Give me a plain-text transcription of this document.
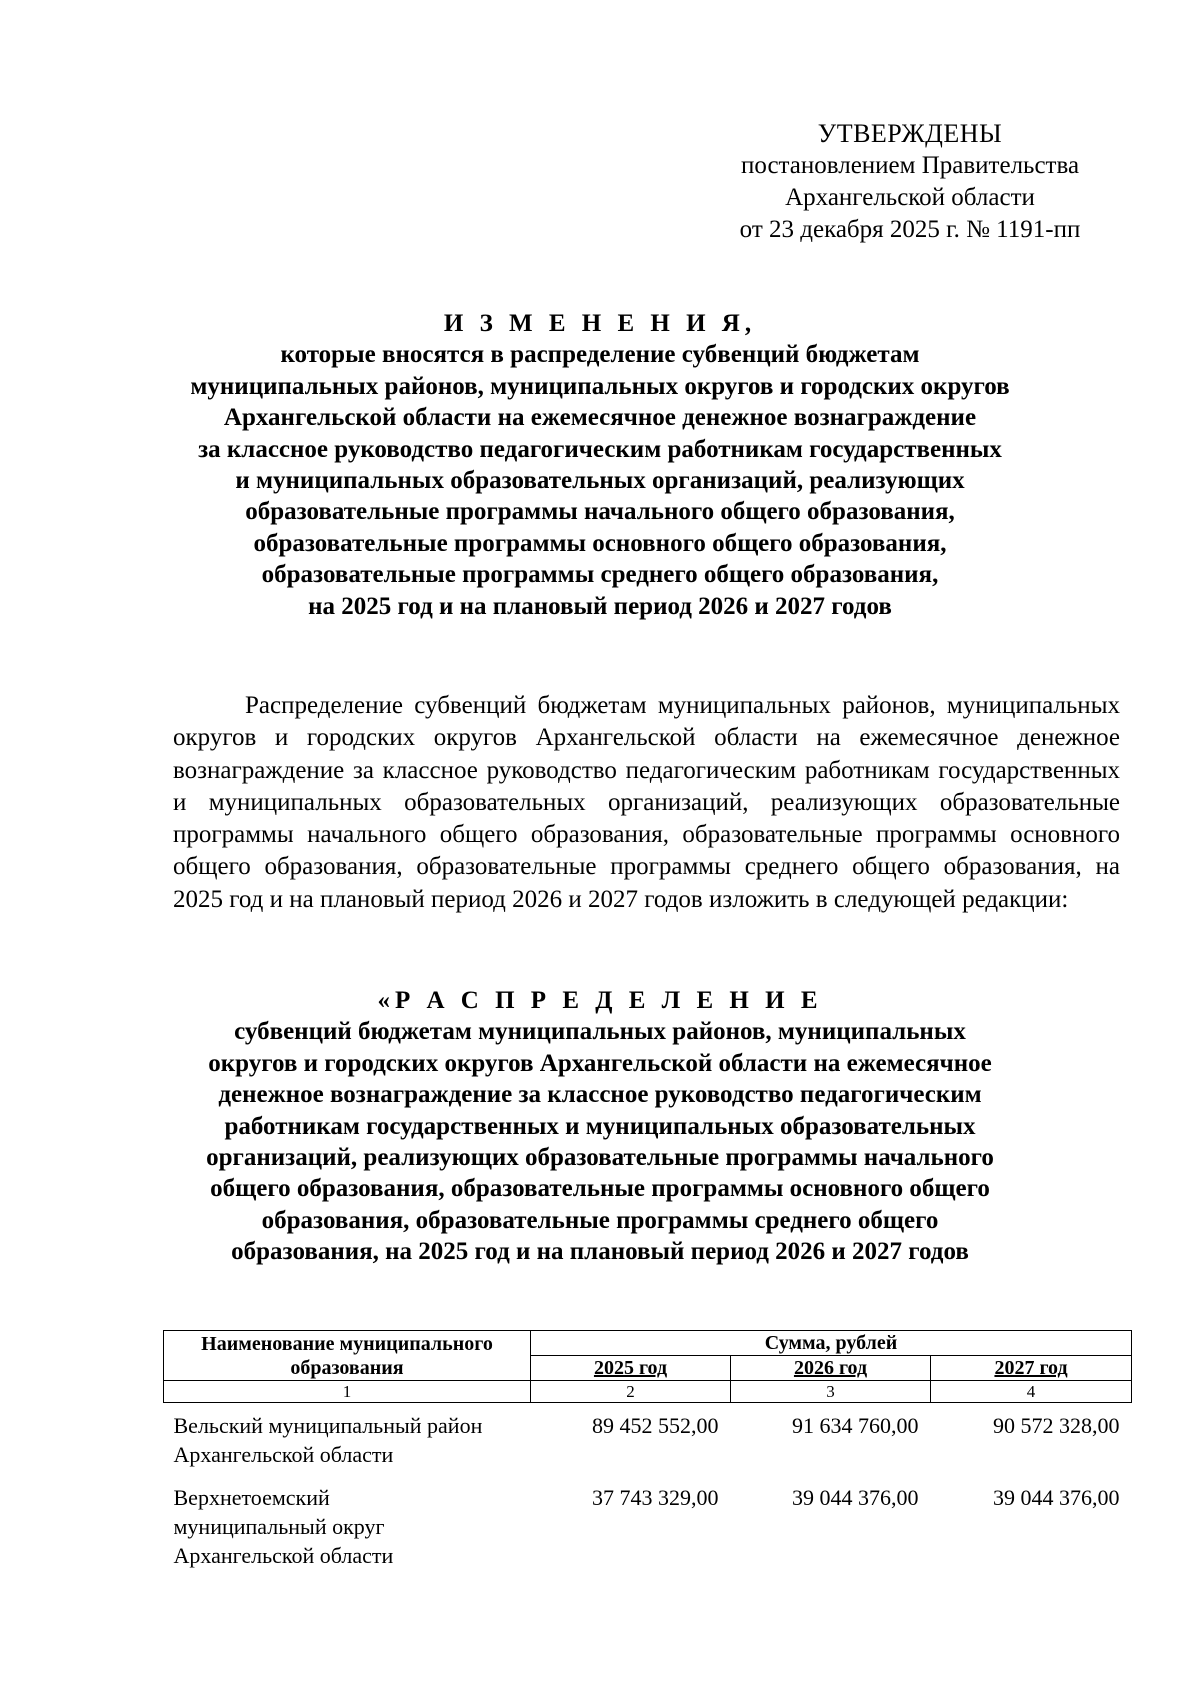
УТВЕРЖДЕНЫ
постановлением Правительства
Архангельской области
от 23 декабря 2025 г. № 1191-пп
И З М Е Н Е Н И Я,
которые вносятся в распределение субвенций бюджетам
муниципальных районов, муниципальных округов и городских округов
Архангельской области на ежемесячное денежное вознаграждение
за классное руководство педагогическим работникам государственных
и муниципальных образовательных организаций, реализующих
образовательные программы начального общего образования,
образовательные программы основного общего образования,
образовательные программы среднего общего образования,
на 2025 год и на плановый период 2026 и 2027 годов

Распределение субвенций бюджетам муниципальных районов, муниципальных округов и городских округов Архангельской области на ежемесячное денежное вознаграждение за классное руководство педагогическим работникам государственных и муниципальных образовательных организаций, реализующих образовательные программы начального общего образования, образовательные программы основного общего образования, образовательные программы среднего общего образования, на 2025 год и на плановый период 2026 и 2027 годов изложить в следующей редакции:

«Р А С П Р Е Д Е Л Е Н И Е
субвенций бюджетам муниципальных районов, муниципальных
округов и городских округов Архангельской области на ежемесячное
денежное вознаграждение за классное руководство педагогическим
работникам государственных и муниципальных образовательных
организаций, реализующих образовательные программы начального
общего образования, образовательные программы основного общего
образования, образовательные программы среднего общего
образования, на 2025 год и на плановый период 2026 и 2027 годов
Наименование муниципального
образования	Сумма, рублей		
	2025 год	2026 год	2027 год
1	2	3	4

Вельский муниципальный район
Архангельской области	89 452 552,00	91 634 760,00	90 572 328,00

Верхнетоемский
муниципальный округ
Архангельской области	37 743 329,00	39 044 376,00	39 044 376,00
